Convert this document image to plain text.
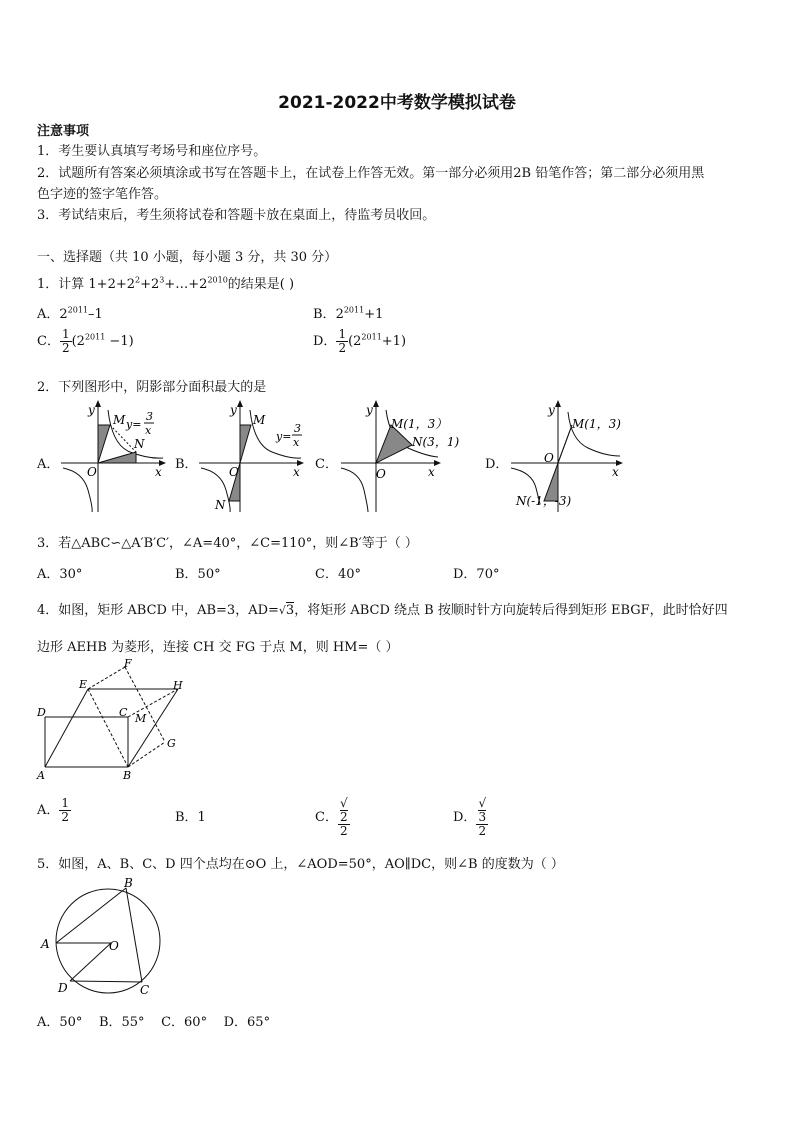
2021-2022中考数学模拟试卷
注意事项
1．考生要认真填写考场号和座位序号。
2．试题所有答案必须填涂或书写在答题卡上，在试卷上作答无效。第一部分必须用2B 铅笔作答；第二部分必须用黑
色字迹的签字笔作答。
3．考试结束后，考生须将试卷和答题卡放在桌面上，待监考员收回。
一、选择题（共 10 小题，每小题 3 分，共 30 分）
1．计算 $1+2+2^2+2^3+\dots+2^{2010}$的结果是( )
A．$2^{2011}-1$	B．$2^{2011}+1$
C． $\frac{1}{2} (2^{2011} -1)$	D． $\frac{1}{2} (2^{2011}+1)$
2．下列图形中，阴影部分面积最大的是
A．	B．	C．	D．
y
x
O
M
N
y=
3
x
y
x
O
M
N
y=
3
x
y
x
O
M(1，3）
N(3，1)
y
x
O
M(1，3)
N(-1，-3)
3．若△ABC∽△A′B′C′，∠A=40°，∠C=110°，则∠B′等于（ ）
A．30°	B．50°	C．40°	D．70°
4．如图，矩形 ABCD 中，AB=3，AD=√3，将矩形 ABCD 绕点 B 按顺时针方向旋转后得到矩形 EBGF，此时恰好四
边形 AEHB 为菱形，连接 CH 交 FG 于点 M，则 HM=（ ）
A	B
C
D
E
F
G
H
M
A． $\frac{1}{2}$	B．1	C． √
2
2	D． √
3
2
5．如图，A、B、C、D 四个点均在⊙O 上，∠AOD=50°，AO∥DC，则∠B 的度数为（ ）
A
B
C
D
O
A．50°    B．55°    C．60°    D．65°
